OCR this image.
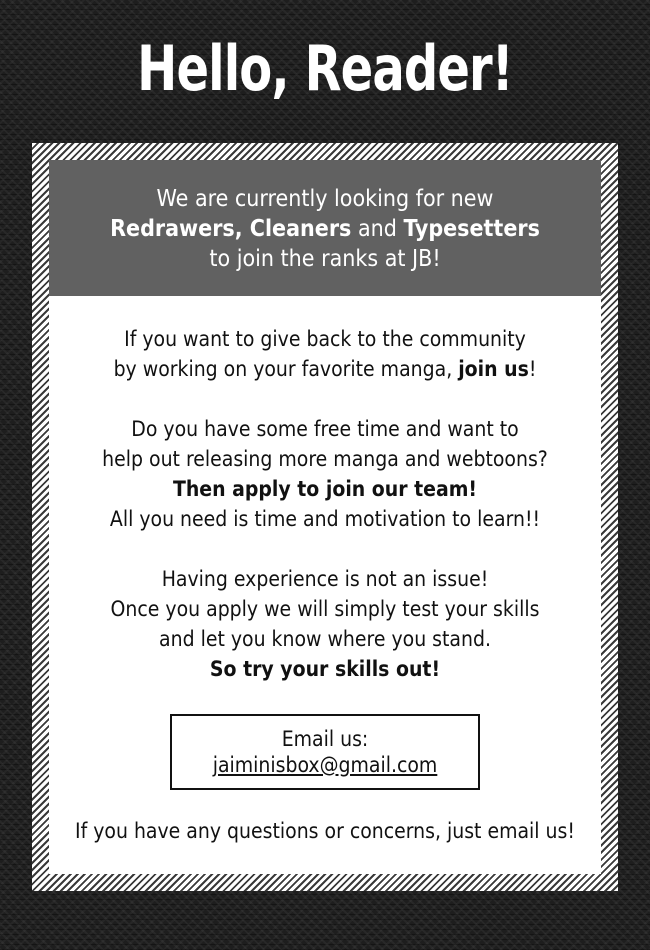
Hello, Reader!
We are currently looking for new
Redrawers, Cleaners and Typesetters
to join the ranks at JB!

If you want to give back to the community
by working on your favorite manga, join us!

Do you have some free time and want to
help out releasing more manga and webtoons?
Then apply to join our team!
All you need is time and motivation to learn!!

Having experience is not an issue!
Once you apply we will simply test your skills
and let you know where you stand.
So try your skills out!

Email us: jaiminisbox@gmail.com
If you have any questions or concerns, just email us!
